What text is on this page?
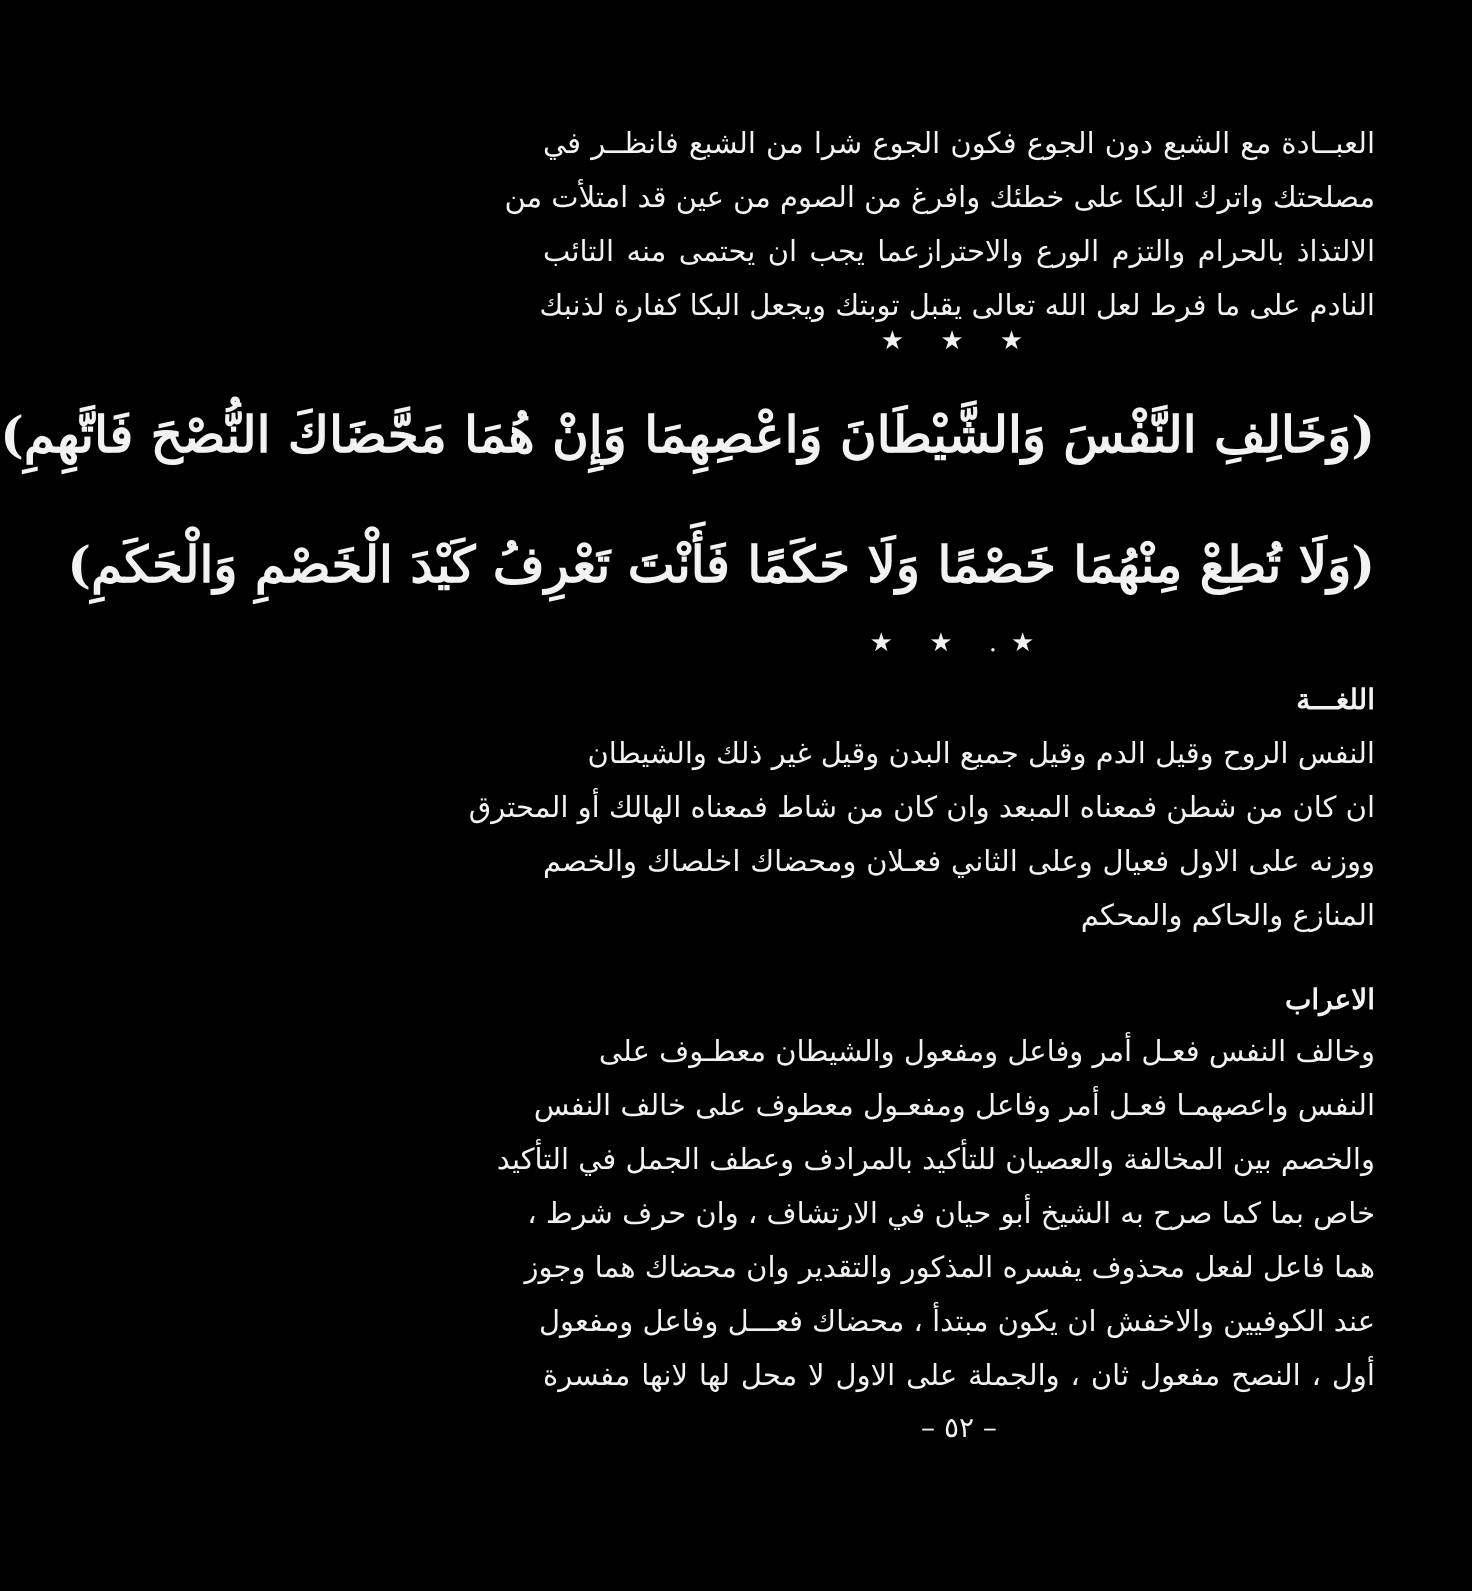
العبــادة مع الشبع دون الجوع فكون الجوع شرا من الشبع فانظــر في
مصلحتك واترك البكا على خطئك وافرغ من الصوم من عين قد امتلأت من
الالتذاذ بالحرام والتزم الورع والاحترازعما يجب ان يحتمى منه التائب
النادم على ما فرط لعل الله تعالى يقبل توبتك ويجعل البكا كفارة لذنبك
★ ★ ★
(وَخَالِفِ النَّفْسَ وَالشَّيْطَانَ وَاعْصِهِمَا وَإِنْ هُمَا مَحَّضَاكَ النُّصْحَ فَاتَّهِمِ)
(وَلَا تُطِعْ مِنْهُمَا خَصْمًا وَلَا حَكَمًا فَأَنْتَ تَعْرِفُ كَيْدَ الْخَصْمِ وَالْحَكَمِ)
★ ★ .★
اللغـــة
النفس الروح وقيل الدم وقيل جميع البدن وقيل غير ذلك والشيطان
ان كان من شطن فمعناه المبعد وان كان من شاط فمعناه الهالك أو المحترق
ووزنه على الاول فعيال وعلى الثاني فعـلان ومحضاك اخلصاك والخصم
المنازع والحاكم والمحكم
الاعراب
وخالف النفس فعـل أمر وفاعل ومفعول والشيطان معطـوف على
النفس واعصهمـا فعـل أمر وفاعل ومفعـول معطوف على خالف النفس
والخصم بين المخالفة والعصيان للتأكيد بالمرادف وعطف الجمل في التأكيد
خاص بما كما صرح به الشيخ أبو حيان في الارتشاف ، وان حرف شرط ،
هما فاعل لفعل محذوف يفسره المذكور والتقدير وان محضاك هما وجوز
عند الكوفيين والاخفش ان يكون مبتدأ ، محضاك فعـــل وفاعل ومفعول
أول ، النصح مفعول ثان ، والجملة على الاول لا محل لها لانها مفسرة
– ٥٢ –
